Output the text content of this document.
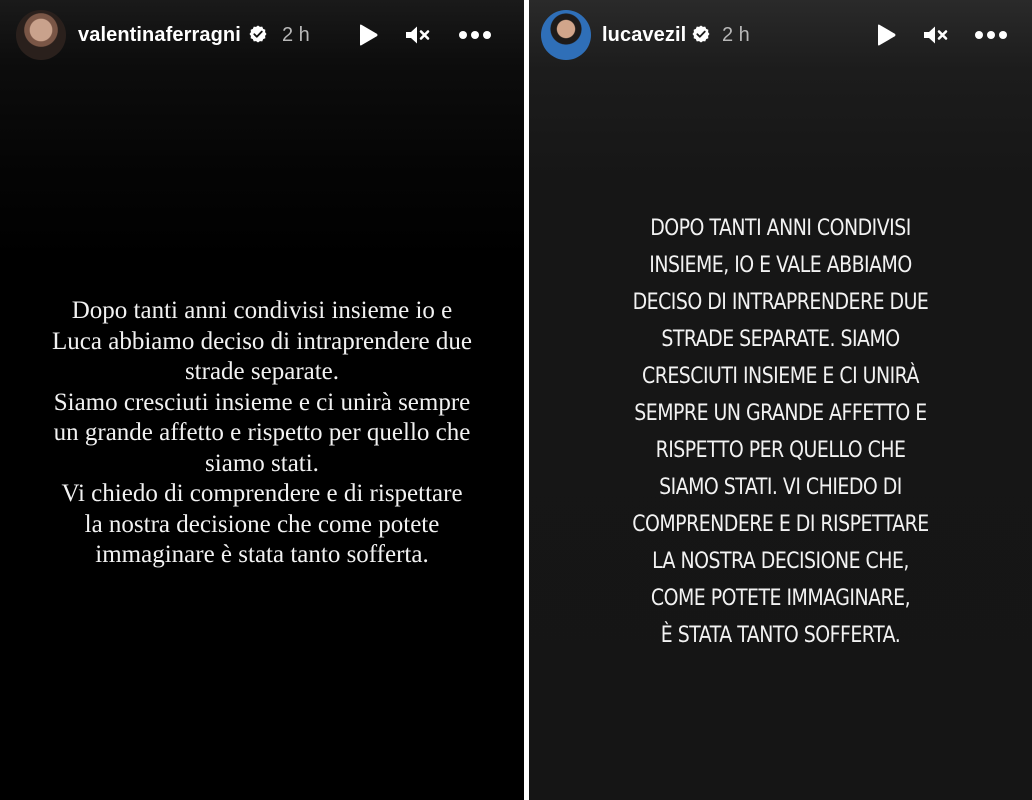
valentinaferragni 2 h
Dopo tanti anni condivisi insieme io e
Luca abbiamo deciso di intraprendere due
strade separate.
Siamo cresciuti insieme e ci unirà sempre
un grande affetto e rispetto per quello che
siamo stati.
Vi chiedo di comprendere e di rispettare
la nostra decisione che come potete
immaginare è stata tanto sofferta.
lucavezil 2 h
DOPO TANTI ANNI CONDIVISI
INSIEME, IO E VALE ABBIAMO
DECISO DI INTRAPRENDERE DUE
STRADE SEPARATE. SIAMO
CRESCIUTI INSIEME E CI UNIRÀ
SEMPRE UN GRANDE AFFETTO E
RISPETTO PER QUELLO CHE
SIAMO STATI. VI CHIEDO DI
COMPRENDERE E DI RISPETTARE
LA NOSTRA DECISIONE CHE,
COME POTETE IMMAGINARE,
È STATA TANTO SOFFERTA.
